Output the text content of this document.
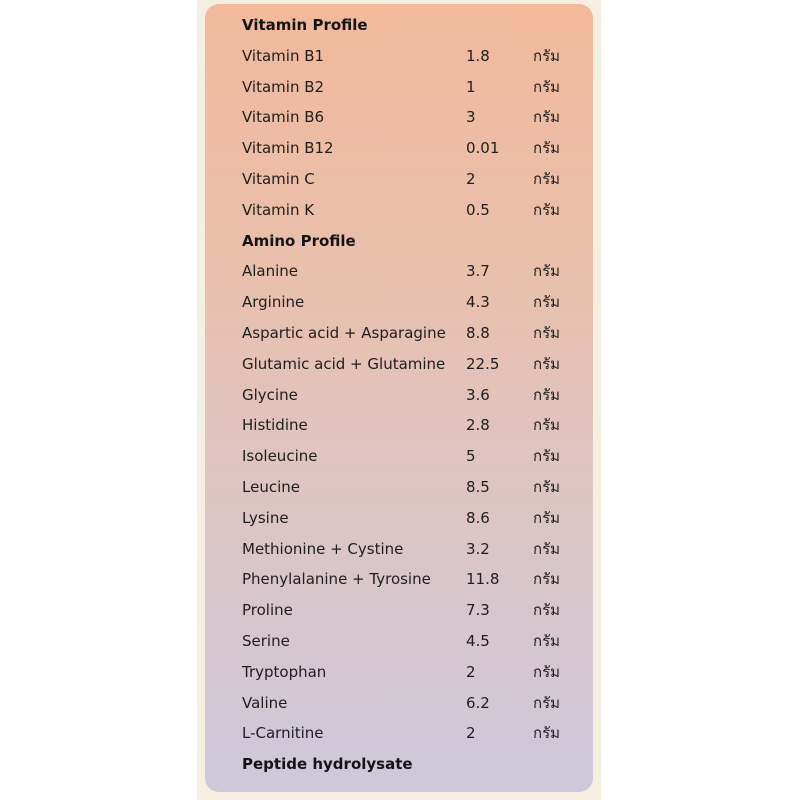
Vitamin Profile
Vitamin B1	1.8	กรัม
Vitamin B2	1	กรัม
Vitamin B6	3	กรัม
Vitamin B12	0.01 กรัม
Vitamin C	2	กรัม
Vitamin K	0.5	กรัม
Amino Profile
Alanine	3.7	กรัม
Arginine	4.3	กรัม
Aspartic acid + Asparagine 8.8	กรัม
Glutamic acid + Glutamine 22.5 กรัม
Glycine	3.6	กรัม
Histidine	2.8	กรัม
Isoleucine	5	กรัม
Leucine	8.5	กรัม
Lysine	8.6	กรัม
Methionine + Cystine	3.2	กรัม
Phenylalanine + Tyrosine 11.8 กรัม
Proline	7.3	กรัม
Serine	4.5	กรัม
Tryptophan	2	กรัม
Valine	6.2	กรัม
L-Carnitine	2	กรัม
Peptide hydrolysate
